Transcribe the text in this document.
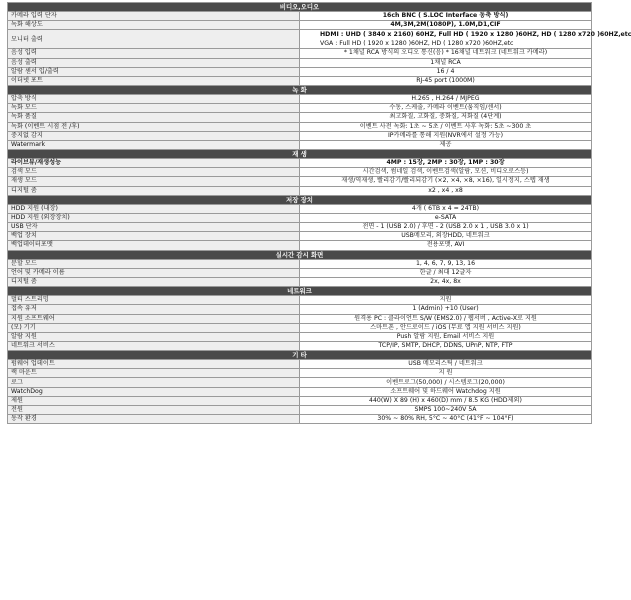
비디오,오디오	
카메라 입력 단자	16ch BNC ( S.LOC Interface 동축 방식)
녹화 해상도	4M,3M,2M(1080P), 1.0M,D1,CIF
모니터 출력	HDMI : UHD ( 3840 x 2160) 60HZ, Full HD ( 1920 x 1280 )60HZ, HD ( 1280 x720 )60HZ,etc
VGA : Full HD ( 1920 x 1280 )60HZ, HD ( 1280 x720 )60HZ,etc

음성 입력	* 1채널 RCA 방식의 오디오 통신(음) * 16채널 네트워크 (네트워크 카메라)
음성 출력	1채널 RCA
알람 센서 입/출력	16 / 4
이더넷 포트	RJ-45 port (1000M)
녹 화	
압축 방식	H.265 , H.264 / MJPEG
녹화 모드	수동, 스케줄, 카메라 이벤트(움직임/센서)
녹화 품질	최고화질, 고화질, 중화질, 저화질 (4단계)
녹화 (이벤트 시점 전 /후)	이벤트 사전 녹화: 1초 ~ 5초 / 이벤트 사후 녹화: 5초 ~300 초
중지없 감지	IP카메라를 통해 지원(NVR에서 설정 가능)
Watermark	제공
재 생	
라이브뷰/재생성능	4MP : 15장, 2MP : 30장, 1MP : 30장
검색 모드	시간검색, 썸네일 검색, 이벤트검색(알람, 모션, 비디오로스등)
재생 모드	재생/역재생, 빨리감기/빨리되감기 (×2, ×4, ×8, ×16), 일시정지, 스텝 재생
디지털 줌	x2 , x4 , x8
저장 장치	
HDD 지원 (내장)	4개 ( 6TB x 4 = 24TB)
HDD 지원 (외장장치)	e-SATA
USB 단자	전면 - 1 (USB 2.0) / 후면 - 2 (USB 2.0 x 1 , USB 3.0 x 1)
백업 장치	USB메모리, 외장HDD, 네트워크
백업데이터포맷	전용포맷, AVI
실시간 감시 화면	
분할 모드	1, 4, 6, 7, 9, 13, 16
언어 및 카메라 이름	한글 / 최대 12글자
디지털 줌	2x, 4x, 8x
네트워크	
멀티 스트리밍	지원
접속 유저	1 (Admin) +10 (User)
지원 소프트웨어	원격용 PC : 클라이언트 S/W (EMS2.0) / 웹서버 , Active-X로 지원
(모) 기기	스마트폰 , 안드로이드 / iOS (무료 앱 지원 서비스 지원)
알람 지원	Push 알람 지원, Email 서비스 지원
네트워크 서비스	TCP/IP, SMTP, DHCP, DDNS, UPnP, NTP, FTP
기 타	
펌웨어 업데이트	USB 메모리스틱 / 네트워크
랙 마운트	지 원
로그	이벤트로그(50,000) / 시스템로그(20,000)
WatchDog	소프트웨어 및 하드웨어 Watchdog 지원
제원	440(W) X 89 (H) x 460(D) mm / 8.5 KG (HDD제외)
전원	SMPS 100~240V 5A
동작 환경	30% ~ 80% RH, 5°C ~ 40°C (41°F ~ 104°F)
